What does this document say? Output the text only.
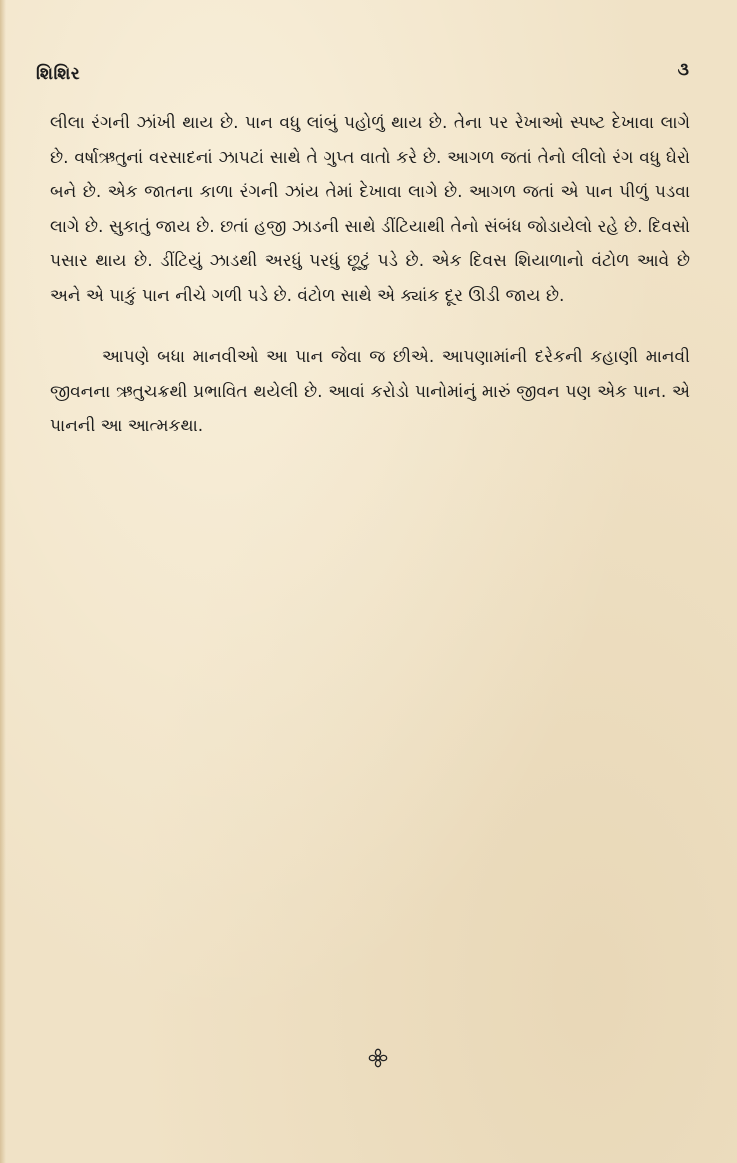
શિશિર	૩

લીલા રંગની ઝાંખી થાય છે. પાન વધુ લાંબું પહોળું થાય છે. તેના પર રેખાઓ સ્પષ્ટ દેખાવા લાગે છે. વર્ષાઋતુનાં વરસાદનાં ઝાપટાં સાથે તે ગુપ્ત વાતો કરે છે. આગળ જતાં તેનો લીલો રંગ વધુ ઘેરો બને છે. એક જાતના કાળા રંગની ઝાંય તેમાં દેખાવા લાગે છે. આગળ જતાં એ પાન પીળું પડવા લાગે છે. સુકાતું જાય છે. છતાં હજી ઝાડની સાથે ડીંટિયાથી તેનો સંબંધ જોડાયેલો રહે છે. દિવસો પસાર થાય છે. ડીંટિયું ઝાડથી અરધું પરધું છૂટું પડે છે. એક દિવસ શિયાળાનો વંટોળ આવે છે અને એ પાકું પાન નીચે ગળી પડે છે. વંટોળ સાથે એ ક્યાંક દૂર ઊડી જાય છે.

આપણે બધા માનવીઓ આ પાન જેવા જ છીએ. આપણામાંની દરેકની કહાણી માનવી જીવનના ઋતુચક્રથી પ્રભાવિત થયેલી છે. આવાં કરોડો પાનોમાંનું મારું જીવન પણ એક પાન. એ પાનની આ આત્મકથા.
